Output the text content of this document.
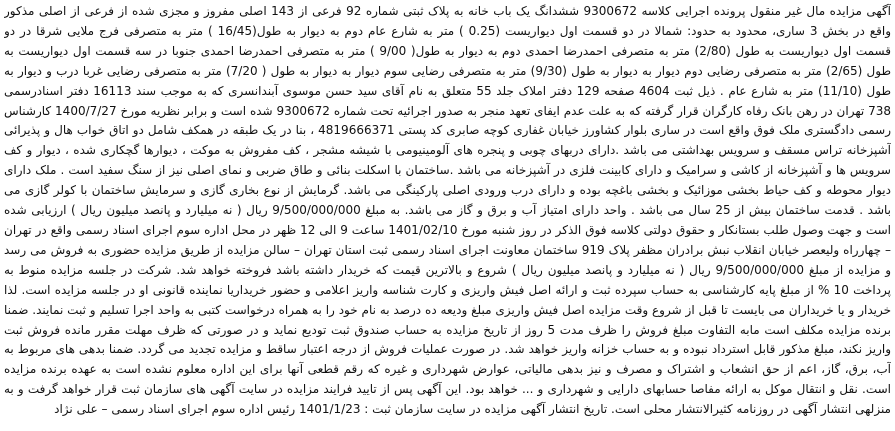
آگهی مزایده مال غیر منقول پرونده اجرایی کلاسه 9300672 ششدانگ یک باب خانه به پلاک ثبتی شماره 92 فرعی از 143 اصلی مفروز و مجزی شده از فرعی از اصلی مذکور واقع در بخش 3 ساری، محدود به حدود: شمالا در دو قسمت اول دیواریست (0.25 ) متر به شارع عام دوم به دیوار به طول(16/45 ) متر به متصرفی فرج ملایی شرقا در دو قسمت اول دیواریست به طول (2/80) متر به متصرفی احمدرضا احمدی دوم به دیوار به طول( 9/00 ) متر به متصرفی احمدرضا احمدی جنوبا در سه قسمت اول دیواریست به طول (2/65) متر به متصرفی رضایی دوم دیوار به دیوار به طول (9/30) متر به متصرفی رضایی سوم دیوار به دیوار به طول ( 7/20) متر به متصرفی رضایی غربا درب و دیوار به طول (11/10) متر به شارع عام . ذیل ثبت 4604 صفحه 129 دفتر املاک جلد 55 متعلق به نام آقای سید حسن موسوی آبندانسری که به موجب سند 16113 دفتر اسنادرسمی 738 تهران در رهن بانک رفاه کارگران قرار گرفته که به علت عدم ایفای تعهد منجر به صدور اجرائیه تحت شماره 9300672 شده است و برابر نظریه مورخ 1400/7/27 کارشناس رسمی دادگستری ملک فوق واقع است در ساری بلوار کشاورز خیابان غفاری کوچه صابری کد پستی 4819666371 ، بنا در یک طبقه در همکف شامل دو اتاق خواب هال و پذیرائی آشپزخانه تراس مسقف و سرویس بهداشتی می باشد .دارای دربهای چوبی و پنجره های آلومینیومی با شیشه مشجر ، کف مفروش به موکت ، دیوارها گچکاری شده ، دیوار و کف سرویس ها و آشپزخانه از کاشی و سرامیک و دارای کابینت فلزی در آشپزخانه می باشد .ساختمان با اسکلت بنائی و طاق ضربی و نمای اصلی نیز از سنگ سفید است . ملک دارای دیوار محوطه و کف حیاط بخشی موزائیک و بخشی باغچه بوده و دارای درب ورودی اصلی پارکینگی می باشد. گرمایش از نوع بخاری گازی و سرمایش ساختمان با کولر گازی می باشد . قدمت ساختمان بیش از 25 سال می باشد . واحد دارای امتیاز آب و برق و گاز می باشد. به مبلغ 9/500/000/000 ریال ( نه میلیارد و پانصد میلیون ریال ) ارزیابی شده است و جهت وصول طلب بستانکار و حقوق دولتی کلاسه فوق الذکر در روز شنبه مورخ 1401/02/10 ساعت 9 الی 12 ظهر در محل اداره سوم اجرای اسناد رسمی واقع در تهران – چهارراه ولیعصر خیابان انقلاب نبش برادران مظفر پلاک 919 ساختمان معاونت اجرای اسناد رسمی ثبت استان تهران – سالن مزایده از طریق مزایده حضوری به فروش می رسد و مزایده از مبلغ 9/500/000/000 ریال ( نه میلیارد و پانصد میلیون ریال ) شروع و بالاترین قیمت که خریدار داشته باشد فروخته خواهد شد. شرکت در جلسه مزایده منوط به پرداخت 10 % از مبلغ پایه کارشناسی به حساب سپرده ثبت و ارائه اصل فیش واریزی و کارت شناسه واریز اعلامی و حضور خریداریا نماینده قانونی او در جلسه مزایده است. لذا خریدار و یا خریداران می بایست تا قبل از شروع وقت مزایده اصل فیش واریزی مبلغ ودیعه ده درصد به نام خود را به همراه درخواست کتبی به واحد اجرا تسلیم و ثبت نمایند. ضمنا برنده مزایده مکلف است مابه التفاوت مبلغ فروش را ظرف مدت 5 روز از تاریخ مزایده به حساب صندوق ثبت تودیع نماید و در صورتی که ظرف مهلت مقرر مانده فروش ثبت واریز نکند، مبلغ مذکور قابل استرداد نبوده و به حساب خزانه واریز خواهد شد. در صورت عملیات فروش از درجه اعتبار ساقط و مزایده تجدید می گردد. ضمنا بدهی های مربوط به آب، برق، گاز، اعم از حق انشعاب و اشتراک و مصرف و نیز بدهی مالیاتی، عوارض شهرداری و غیره که رقم قطعی آنها برای این اداره معلوم نشده است به عهده برنده مزایده است. نقل و انتقال موکل به ارائه مفاصا حسابهای دارایی و شهرداری و ... خواهد بود. این آگهی پس از تایید فرایند مزایده در سایت آگهی های سازمان ثبت قرار خواهد گرفت و به منزلهی انتشار آگهی در روزنامه کثیرالانتشار محلی است. تاریخ انتشار آگهی مزایده در سایت سازمان ثبت : 1401/1/23 رئیس اداره سوم اجرای اسناد رسمی – علی نژاد
